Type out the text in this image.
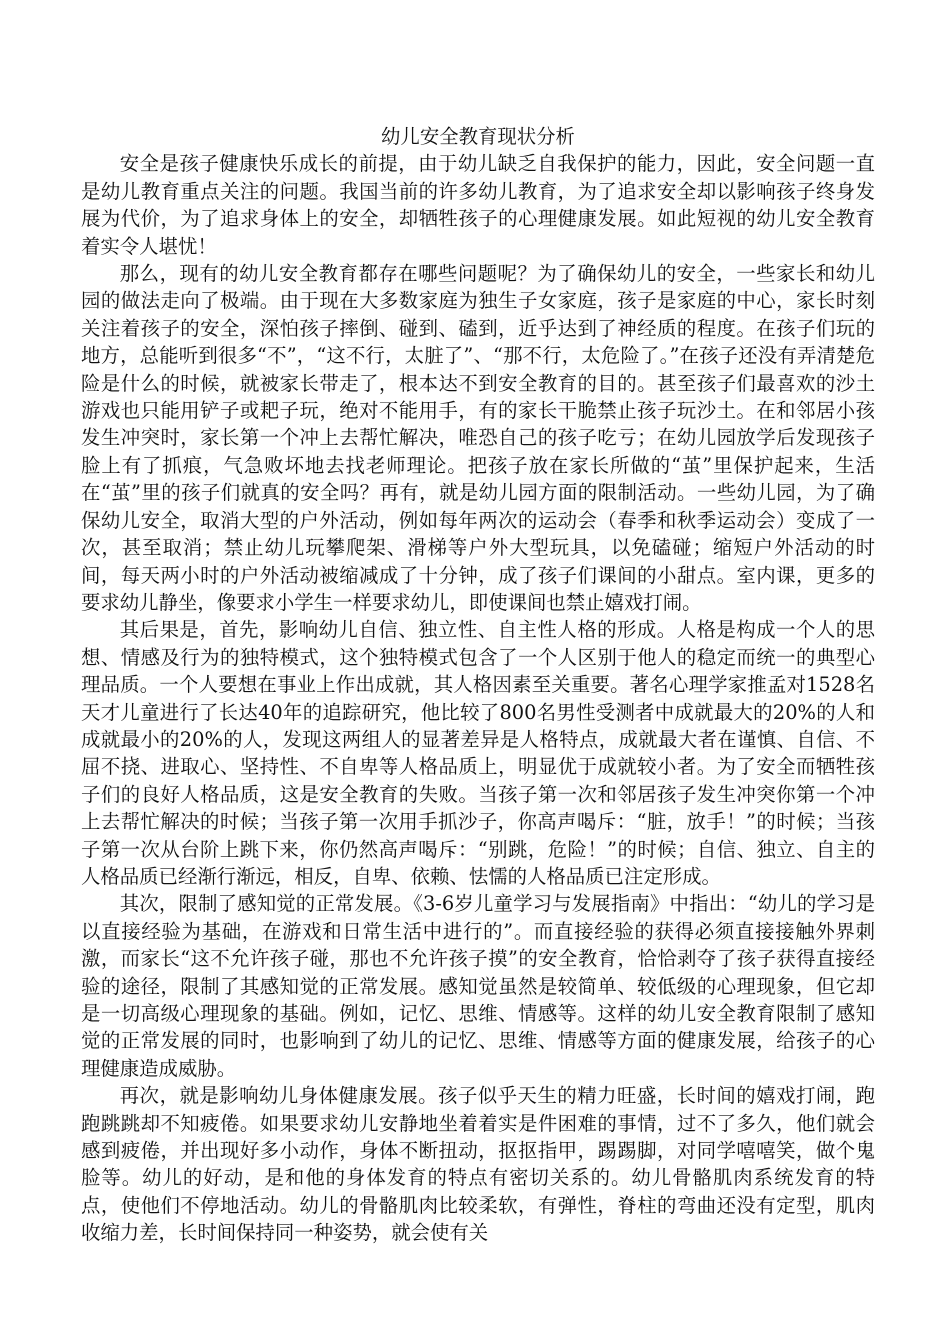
幼儿安全教育现状分析

安全是孩子健康快乐成长的前提，由于幼儿缺乏自我保护的能力，因此，安全问题一直是幼儿教育重点关注的问题。我国当前的许多幼儿教育，为了追求安全却以影响孩子终身发展为代价，为了追求身体上的安全，却牺牲孩子的心理健康发展。如此短视的幼儿安全教育着实令人堪忧！

那么，现有的幼儿安全教育都存在哪些问题呢？为了确保幼儿的安全，一些家长和幼儿园的做法走向了极端。由于现在大多数家庭为独生子女家庭，孩子是家庭的中心，家长时刻关注着孩子的安全，深怕孩子摔倒、碰到、磕到，近乎达到了神经质的程度。在孩子们玩的地方，总能听到很多“不”，“这不行，太脏了”、“那不行，太危险了。”在孩子还没有弄清楚危险是什么的时候，就被家长带走了，根本达不到安全教育的目的。甚至孩子们最喜欢的沙土游戏也只能用铲子或耙子玩，绝对不能用手，有的家长干脆禁止孩子玩沙土。在和邻居小孩发生冲突时，家长第一个冲上去帮忙解决，唯恐自己的孩子吃亏；在幼儿园放学后发现孩子脸上有了抓痕，气急败坏地去找老师理论。把孩子放在家长所做的“茧”里保护起来，生活在“茧”里的孩子们就真的安全吗？再有，就是幼儿园方面的限制活动。一些幼儿园，为了确保幼儿安全，取消大型的户外活动，例如每年两次的运动会（春季和秋季运动会）变成了一次，甚至取消；禁止幼儿玩攀爬架、滑梯等户外大型玩具，以免磕碰；缩短户外活动的时间，每天两小时的户外活动被缩减成了十分钟，成了孩子们课间的小甜点。室内课，更多的要求幼儿静坐，像要求小学生一样要求幼儿，即使课间也禁止嬉戏打闹。

其后果是，首先，影响幼儿自信、独立性、自主性人格的形成。人格是构成一个人的思想、情感及行为的独特模式，这个独特模式包含了一个人区别于他人的稳定而统一的典型心理品质。一个人要想在事业上作出成就，其人格因素至关重要。著名心理学家推孟对1528名天才儿童进行了长达40年的追踪研究，他比较了800名男性受测者中成就最大的20%的人和成就最小的20%的人，发现这两组人的显著差异是人格特点，成就最大者在谨慎、自信、不屈不挠、进取心、坚持性、不自卑等人格品质上，明显优于成就较小者。为了安全而牺牲孩子们的良好人格品质，这是安全教育的失败。当孩子第一次和邻居孩子发生冲突你第一个冲上去帮忙解决的时候；当孩子第一次用手抓沙子，你高声喝斥：“脏，放手！”的时候；当孩子第一次从台阶上跳下来，你仍然高声喝斥：“别跳，危险！”的时候；自信、独立、自主的人格品质已经渐行渐远，相反，自卑、依赖、怯懦的人格品质已注定形成。

其次，限制了感知觉的正常发展。《3-6岁儿童学习与发展指南》中指出：“幼儿的学习是以直接经验为基础，在游戏和日常生活中进行的”。而直接经验的获得必须直接接触外界刺激，而家长“这不允许孩子碰，那也不允许孩子摸”的安全教育，恰恰剥夺了孩子获得直接经验的途径，限制了其感知觉的正常发展。感知觉虽然是较简单、较低级的心理现象，但它却是一切高级心理现象的基础。例如，记忆、思维、情感等。这样的幼儿安全教育限制了感知觉的正常发展的同时，也影响到了幼儿的记忆、思维、情感等方面的健康发展，给孩子的心理健康造成威胁。

再次，就是影响幼儿身体健康发展。孩子似乎天生的精力旺盛，长时间的嬉戏打闹，跑跑跳跳却不知疲倦。如果要求幼儿安静地坐着着实是件困难的事情，过不了多久，他们就会感到疲倦，并出现好多小动作，身体不断扭动，抠抠指甲，踢踢脚，对同学嘻嘻笑，做个鬼脸等。幼儿的好动，是和他的身体发育的特点有密切关系的。幼儿骨骼肌肉系统发育的特点，使他们不停地活动。幼儿的骨骼肌肉比较柔软，有弹性，脊柱的弯曲还没有定型，肌肉收缩力差，长时间保持同一种姿势，就会使有关
